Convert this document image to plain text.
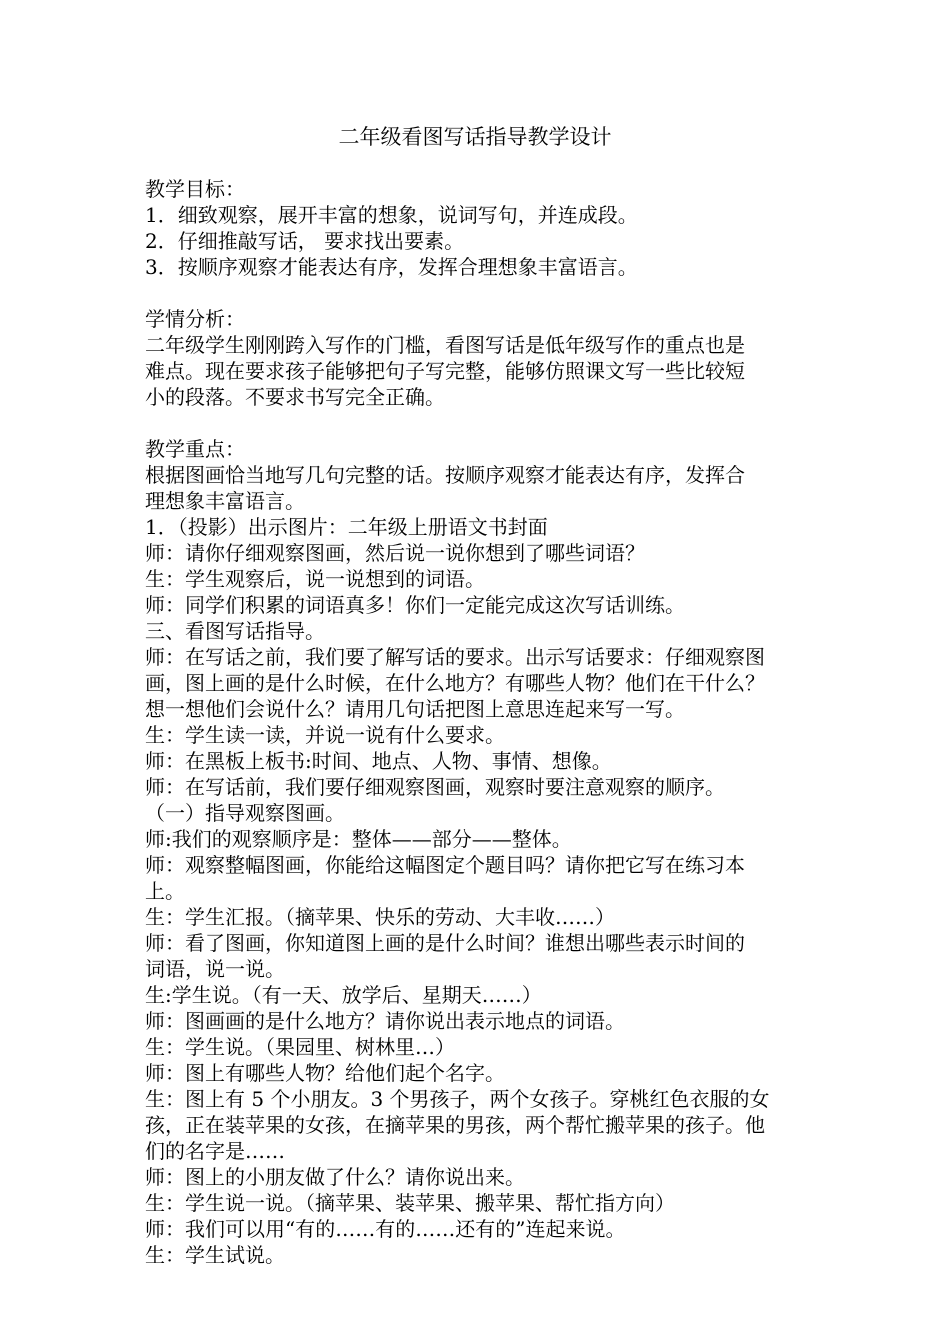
二年级看图写话指导教学设计
教学目标：
1．细致观察，展开丰富的想象，说词写句，并连成段。
2．仔细推敲写话， 要求找出要素。
3．按顺序观察才能表达有序，发挥合理想象丰富语言。
学情分析：
二年级学生刚刚跨入写作的门槛，看图写话是低年级写作的重点也是
难点。现在要求孩子能够把句子写完整，能够仿照课文写一些比较短
小的段落。不要求书写完全正确。
教学重点：
根据图画恰当地写几句完整的话。按顺序观察才能表达有序，发挥合
理想象丰富语言。
1．（投影）出示图片：二年级上册语文书封面
师：请你仔细观察图画，然后说一说你想到了哪些词语？
生：学生观察后，说一说想到的词语。
师：同学们积累的词语真多！你们一定能完成这次写话训练。
三、看图写话指导。
师：在写话之前，我们要了解写话的要求。出示写话要求：仔细观察图
画，图上画的是什么时候，在什么地方？有哪些人物？他们在干什么？
想一想他们会说什么？请用几句话把图上意思连起来写一写。
生：学生读一读，并说一说有什么要求。
师：在黑板上板书:时间、地点、人物、事情、想像。
师：在写话前，我们要仔细观察图画，观察时要注意观察的顺序。
（一）指导观察图画。
师:我们的观察顺序是：整体——部分——整体。
师：观察整幅图画，你能给这幅图定个题目吗？请你把它写在练习本
上。
生：学生汇报。（摘苹果、快乐的劳动、大丰收……）
师：看了图画，你知道图上画的是什么时间？谁想出哪些表示时间的
词语，说一说。
生:学生说。（有一天、放学后、星期天……）
师：图画画的是什么地方？请你说出表示地点的词语。
生：学生说。（果园里、树林里…）
师：图上有哪些人物？给他们起个名字。
生：图上有 5 个小朋友。3 个男孩子，两个女孩子。穿桃红色衣服的女
孩，正在装苹果的女孩，在摘苹果的男孩，两个帮忙搬苹果的孩子。他
们的名字是……
师：图上的小朋友做了什么？请你说出来。
生：学生说一说。（摘苹果、装苹果、搬苹果、帮忙指方向）
师：我们可以用“有的……有的……还有的”连起来说。
生：学生试说。
